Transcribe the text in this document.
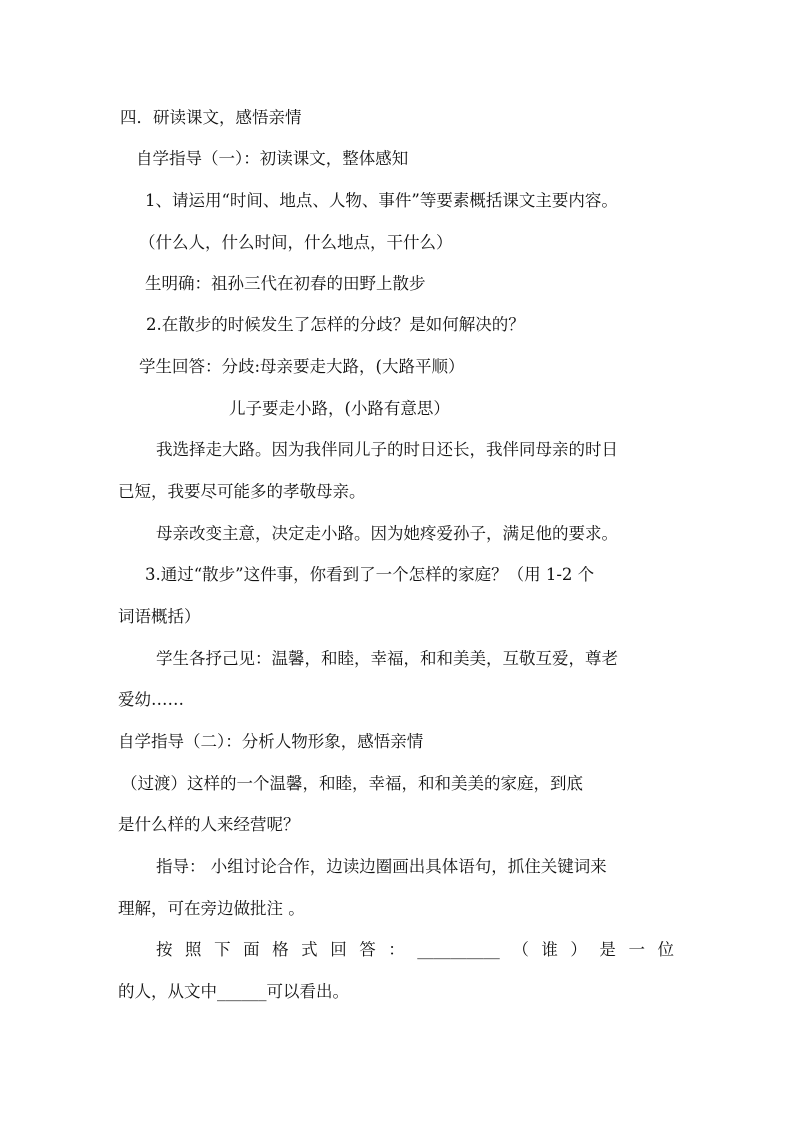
四．研读课文，感悟亲情
自学指导（一）：初读课文，整体感知
1、请运用“时间、地点、人物、事件”等要素概括课文主要内容。
（什么人，什么时间，什么地点，干什么）
生明确：祖孙三代在初春的田野上散步
2.在散步的时候发生了怎样的分歧？是如何解决的？
学生回答：分歧:母亲要走大路，(大路平顺）
儿子要走小路，(小路有意思）
我选择走大路。因为我伴同儿子的时日还长，我伴同母亲的时日
已短，我要尽可能多的孝敬母亲。
母亲改变主意，决定走小路。因为她疼爱孙子，满足他的要求。
3.通过“散步”这件事，你看到了一个怎样的家庭？（用 1-2 个
词语概括）
学生各抒己见：温馨，和睦，幸福，和和美美，互敬互爱，尊老
爱幼……
自学指导（二）：分析人物形象，感悟亲情
（过渡）这样的一个温馨，和睦，幸福，和和美美的家庭，到底
是什么样的人来经营呢？
指导： 小组讨论合作，边读边圈画出具体语句，抓住关键词来
理解，可在旁边做批注 。
按 照 下 面 格 式 回 答 ： __________ （ 谁 ） 是 一 位
的人，从文中______可以看出。
